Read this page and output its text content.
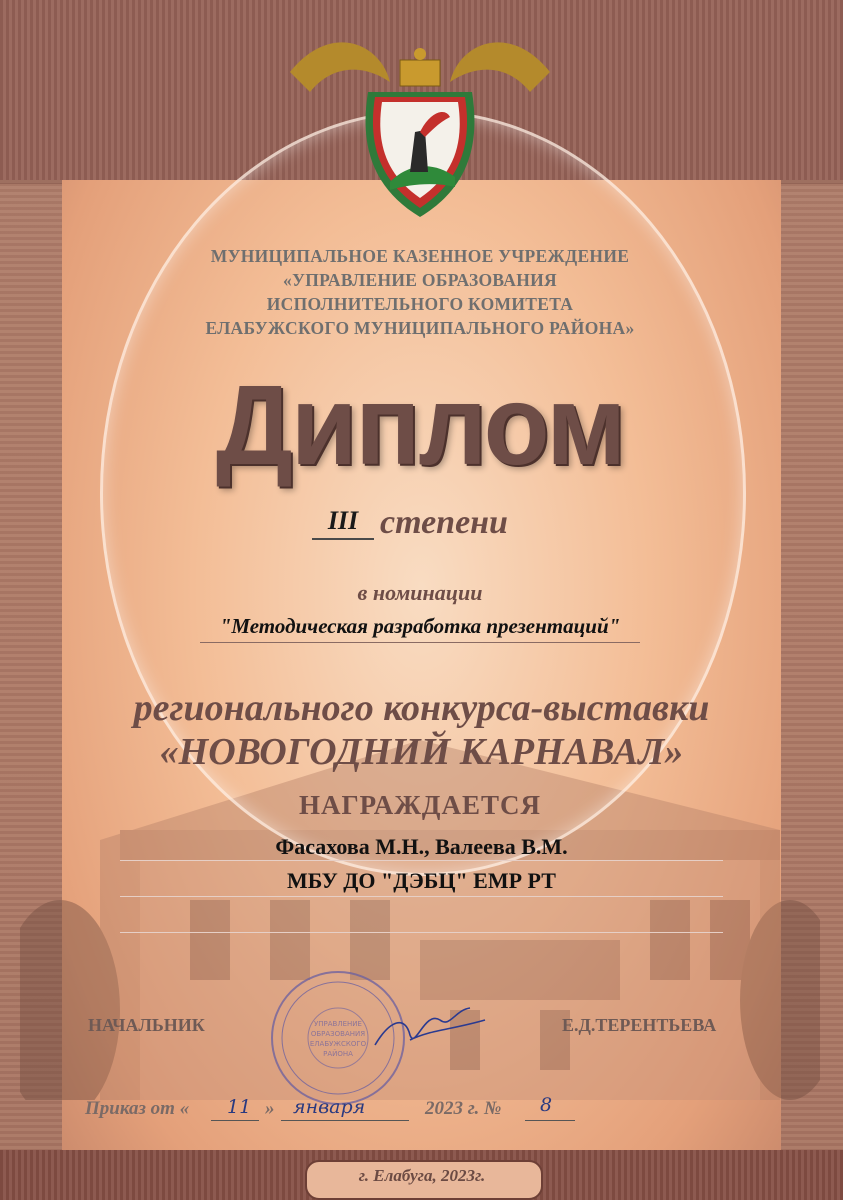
МУНИЦИПАЛЬНОЕ КАЗЕННОЕ УЧРЕЖДЕНИЕ
«УПРАВЛЕНИЕ ОБРАЗОВАНИЯ
ИСПОЛНИТЕЛЬНОГО КОМИТЕТА
ЕЛАБУЖСКОГО МУНИЦИПАЛЬНОГО РАЙОНА»
Диплом
III степени
в номинации
"Методическая разработка презентаций"
регионального конкурса-выставки
«НОВОГОДНИЙ КАРНАВАЛ»
НАГРАЖДАЕТСЯ
Фасахова М.Н., Валеева В.М.
МБУ ДО "ДЭБЦ" ЕМР РТ
УПРАВЛЕНИЕ
ОБРАЗОВАНИЯ
ЕЛАБУЖСКОГО
РАЙОНА
НАЧАЛЬНИК	Е.Д.ТЕРЕНТЬЕВА
Приказ от « 11 » января	2023 г. № 8
г. Елабуга, 2023г.
